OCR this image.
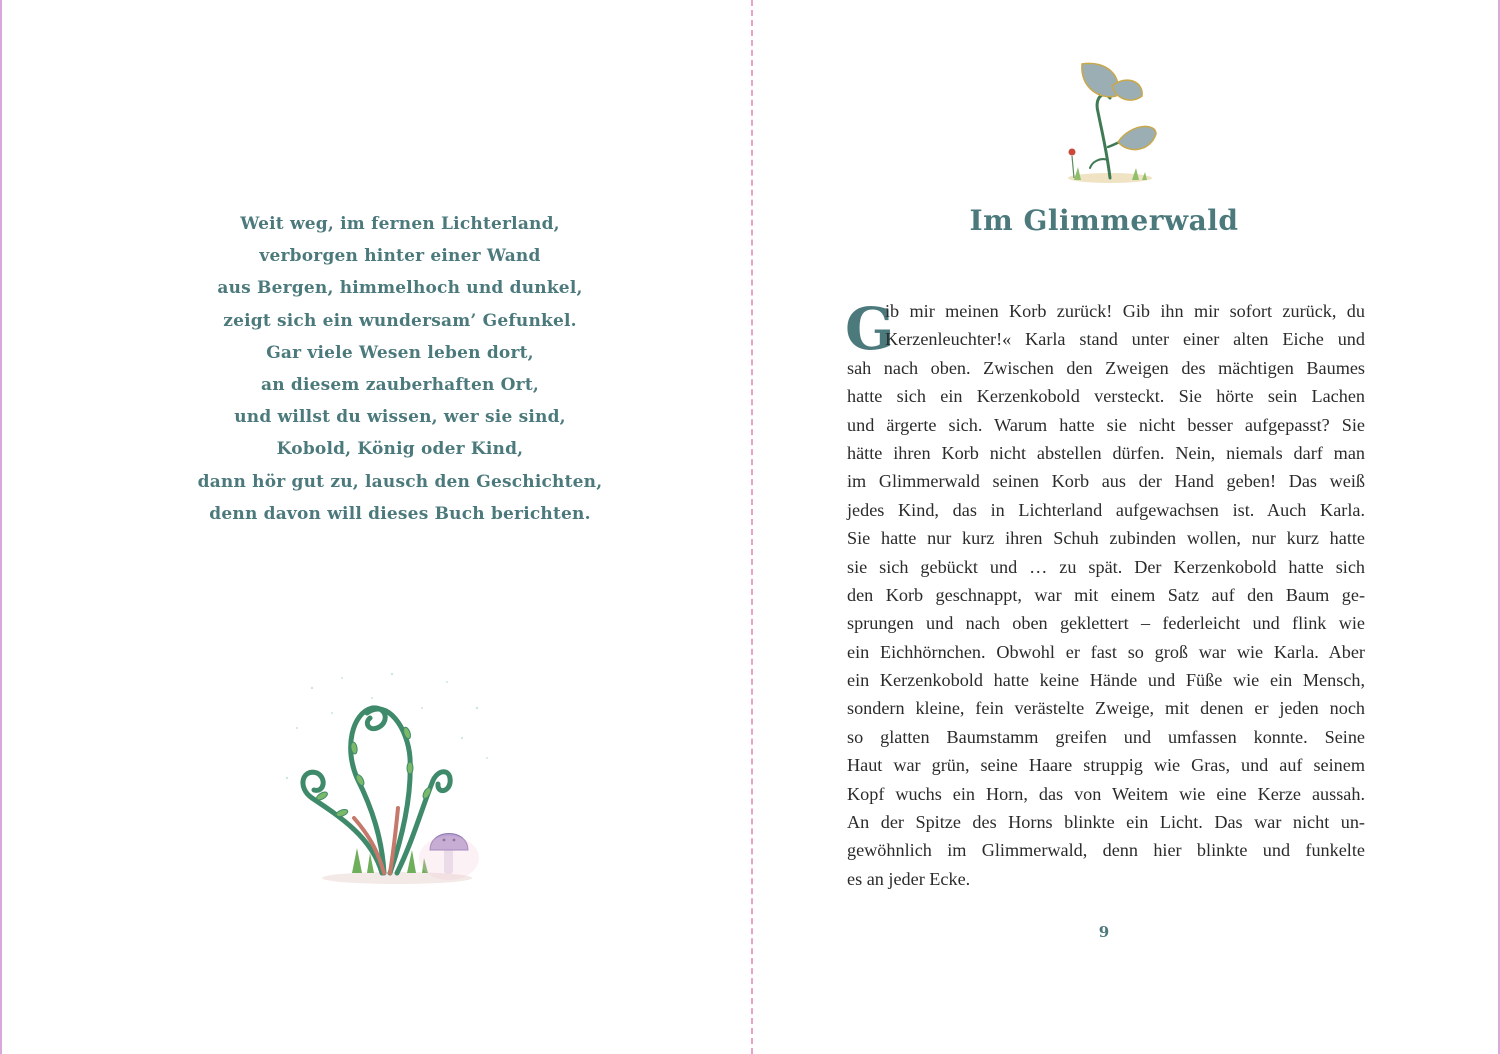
Weit weg, im fernen Lichterland,
verborgen hinter einer Wand
aus Bergen, himmelhoch und dunkel,
zeigt sich ein wundersam’ Gefunkel.
Gar viele Wesen leben dort,
an diesem zauberhaften Ort,
und willst du wissen, wer sie sind,
Kobold, König oder Kind,
dann hör gut zu, lausch den Geschichten,
denn davon will dieses Buch berichten.
Im Glimmerwald
G
ib mir meinen Korb zurück! Gib ihn mir sofort zurück, du
Kerzenleuchter!« Karla stand unter einer alten Eiche und
sah nach oben. Zwischen den Zweigen des mächtigen Baumes
hatte sich ein Kerzenkobold versteckt. Sie hörte sein Lachen
und ärgerte sich. Warum hatte sie nicht besser aufgepasst? Sie
hätte ihren Korb nicht abstellen dürfen. Nein, niemals darf man
im Glimmerwald seinen Korb aus der Hand geben! Das weiß
jedes Kind, das in Lichterland aufgewachsen ist. Auch Karla.
Sie hatte nur kurz ihren Schuh zubinden wollen, nur kurz hatte
sie sich gebückt und … zu spät. Der Kerzenkobold hatte sich
den Korb geschnappt, war mit einem Satz auf den Baum ge-
sprungen und nach oben geklettert – federleicht und flink wie
ein Eichhörnchen. Obwohl er fast so groß war wie Karla. Aber
ein Kerzenkobold hatte keine Hände und Füße wie ein Mensch,
sondern kleine, fein verästelte Zweige, mit denen er jeden noch
so glatten Baumstamm greifen und umfassen konnte. Seine
Haut war grün, seine Haare struppig wie Gras, und auf seinem
Kopf wuchs ein Horn, das von Weitem wie eine Kerze aussah.
An der Spitze des Horns blinkte ein Licht. Das war nicht un-
gewöhnlich im Glimmerwald, denn hier blinkte und funkelte
es an jeder Ecke.
9
